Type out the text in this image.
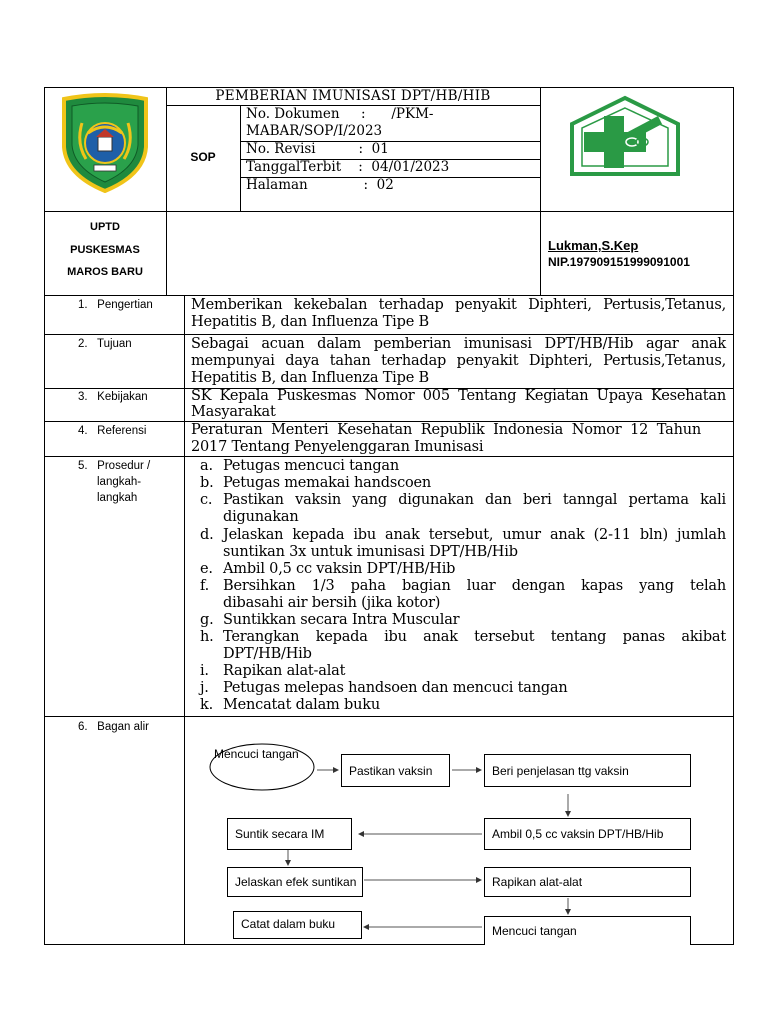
PEMBERIAN IMUNISASI DPT/HB/HIB
SOP
No. Dokumen     :      /PKM-
MABAR/SOP/I/2023
No. Revisi          :  01
TanggalTerbit    :  04/01/2023
Halaman             :  02
UPTD
PUSKESMAS
MAROS BARU
Lukman,S.Kep
NIP.197909151999091001
1.   Pengertian	Memberikan kekebalan terhadap penyakit Diphteri, Pertusis,Tetanus,
Hepatitis B, dan Influenza Tipe B
2.   Tujuan	Sebagai acuan dalam pemberian imunisasi DPT/HB/Hib agar anak
mempunyai daya tahan terhadap penyakit Diphteri, Pertusis,Tetanus,
Hepatitis B, dan Influenza Tipe B
3.   Kebijakan	SK Kepala Puskesmas Nomor 005 Tentang Kegiatan Upaya Kesehatan
Masyarakat
4.   Referensi	Peraturan Menteri Kesehatan Republik Indonesia Nomor 12 Tahun
2017 Tentang Penyelenggaran Imunisasi
5.   Prosedur /
langkah-
langkah
a. Petugas mencuci tangan
b. Petugas memakai handscoen
c. Pastikan vaksin yang digunakan dan beri tanngal pertama kali
digunakan
d. Jelaskan kepada ibu anak tersebut, umur anak (2-11 bln) jumlah
suntikan 3x untuk imunisasi DPT/HB/Hib
e. Ambil 0,5 cc vaksin DPT/HB/Hib
f. Bersihkan 1/3 paha bagian luar dengan kapas yang telah
dibasahi air bersih (jika kotor)
g. Suntikkan secara Intra Muscular
h. Terangkan kepada ibu anak tersebut tentang panas akibat
DPT/HB/Hib
i. Rapikan alat-alat
j. Petugas melepas handsoen dan mencuci tangan
k. Mencatat dalam buku
6.   Bagan alir
Mencuci tangan
Pastikan vaksin	Beri penjelasan ttg vaksin
Ambil 0,5 cc vaksin DPT/HB/Hib
Suntik secara IM
Jelaskan efek suntikan	Rapikan alat-alat
Catat dalam buku	Mencuci tangan
